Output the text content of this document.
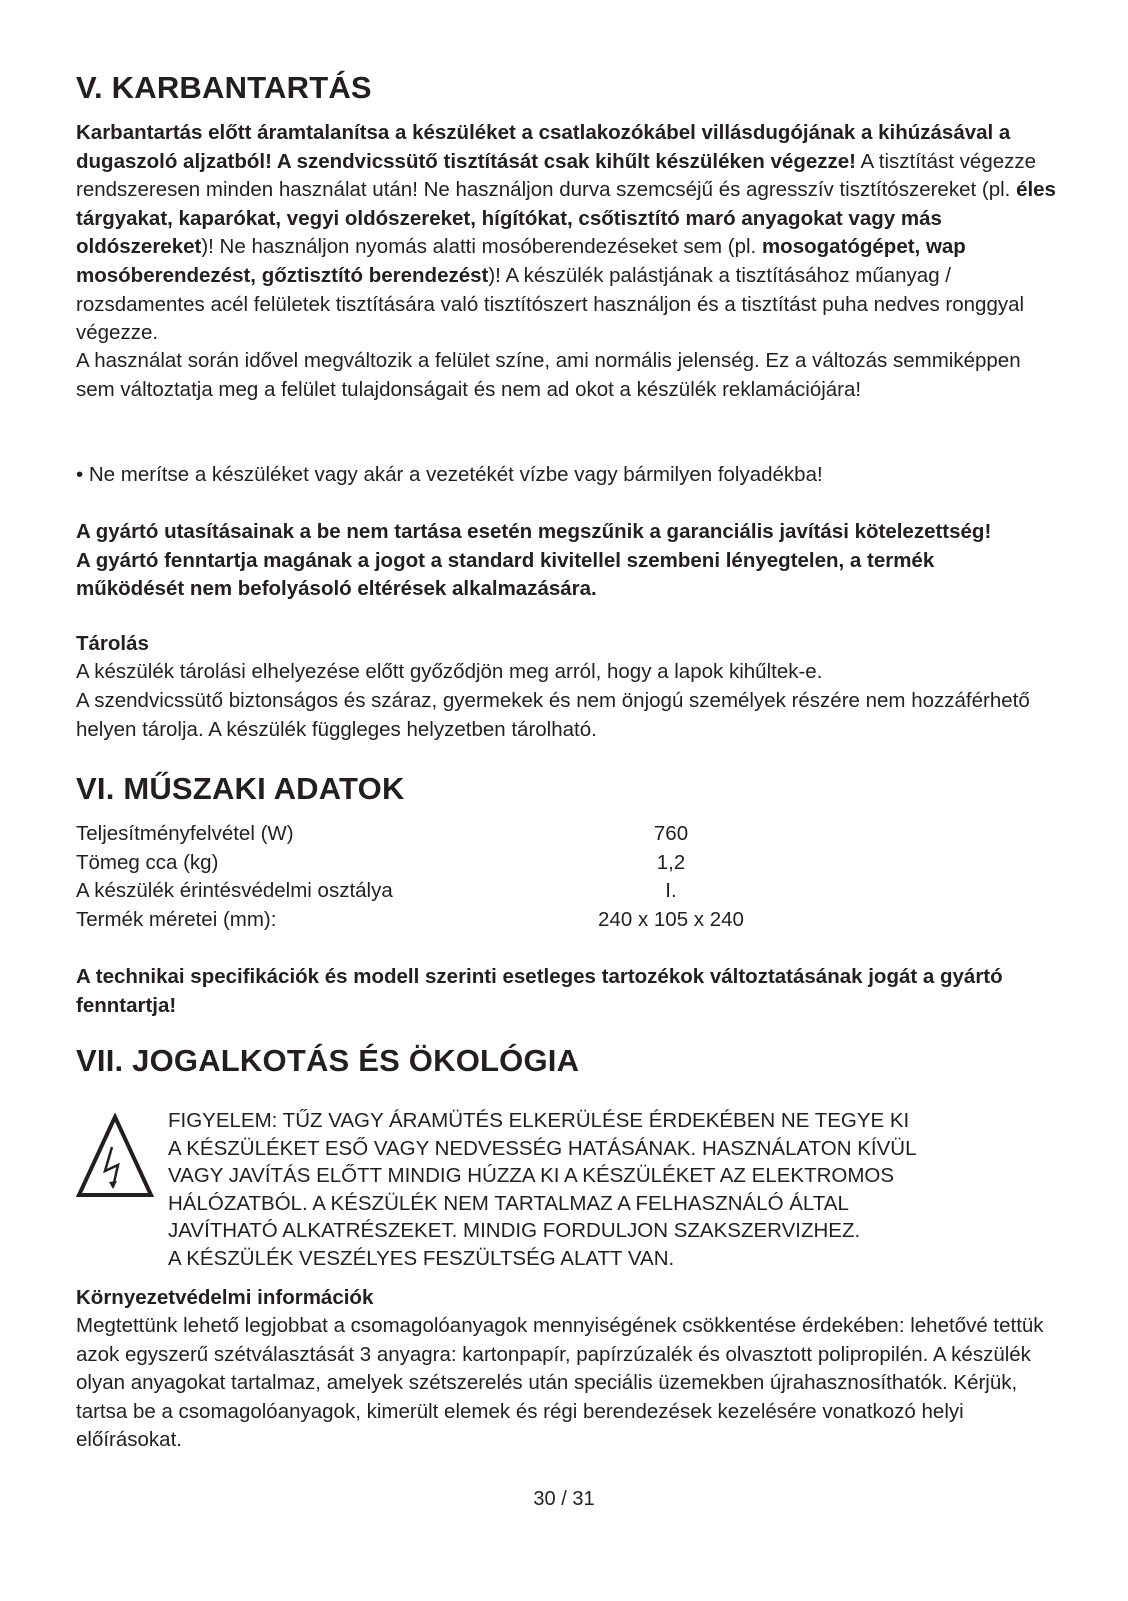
V. KARBANTARTÁS

Karbantartás előtt áramtalanítsa a készüléket a csatlakozókábel villásdugójának a kihúzásával a dugaszoló aljzatból! A szendvicssütő tisztítását csak kihűlt készüléken végezze! A tisztítást végezze rendszeresen minden használat után! Ne használjon durva szemcséjű és agresszív tisztítószereket (pl. éles tárgyakat, kaparókat, vegyi oldószereket, hígítókat, csőtisztító maró anyagokat vagy más oldószereket)! Ne használjon nyomás alatti mosóberendezéseket sem (pl. mosogatógépet, wap mosóberendezést, gőztisztító berendezést)! A készülék palástjának a tisztításához műanyag / rozsdamentes acél felületek tisztítására való tisztítószert használjon és a tisztítást puha nedves ronggyal végezze.

A használat során idővel megváltozik a felület színe, ami normális jelenség. Ez a változás semmiképpen sem változtatja meg a felület tulajdonságait és nem ad okot a készülék reklamációjára!

• Ne merítse a készüléket vagy akár a vezetékét vízbe vagy bármilyen folyadékba!

A gyártó utasításainak a be nem tartása esetén megszűnik a garanciális javítási kötelezettség! A gyártó fenntartja magának a jogot a standard kivitellel szembeni lényegtelen, a termék működését nem befolyásoló eltérések alkalmazására.

Tárolás

A készülék tárolási elhelyezése előtt győződjön meg arról, hogy a lapok kihűltek-e.

A szendvicssütő biztonságos és száraz, gyermekek és nem önjogú személyek részére nem hozzáférhető helyen tárolja. A készülék függleges helyzetben tárolható.

VI. MŰSZAKI ADATOK
Teljesítményfelvétel (W)	760
Tömeg cca (kg)	1,2
A készülék érintésvédelmi osztálya	I.
Termék méretei (mm):	240 x 105 x 240

A technikai specifikációk és modell szerinti esetleges tartozékok változtatásának jogát a gyártó fenntartja!

VII. JOGALKOTÁS ÉS ÖKOLÓGIA
FIGYELEM: TŰZ VAGY ÁRAMÜTÉS ELKERÜLÉSE ÉRDEKÉBEN NE TEGYE KI
A KÉSZÜLÉKET ESŐ VAGY NEDVESSÉG HATÁSÁNAK. HASZNÁLATON KÍVÜL
VAGY JAVÍTÁS ELŐTT MINDIG HÚZZA KI A KÉSZÜLÉKET AZ ELEKTROMOS
HÁLÓZATBÓL. A KÉSZÜLÉK NEM TARTALMAZ A FELHASZNÁLÓ ÁLTAL
JAVÍTHATÓ ALKATRÉSZEKET. MINDIG FORDULJON SZAKSZERVIZHEZ.
A KÉSZÜLÉK VESZÉLYES FESZÜLTSÉG ALATT VAN.

Környezetvédelmi információk

Megtettünk lehető legjobbat a csomagolóanyagok mennyiségének csökkentése érdekében: lehetővé tettük azok egyszerű szétválasztását 3 anyagra: kartonpapír, papírzúzalék és olvasztott polipropilén. A készülék olyan anyagokat tartalmaz, amelyek szétszerelés után speciális üzemekben újrahasznosíthatók. Kérjük, tartsa be a csomagolóanyagok, kimerült elemek és régi berendezések kezelésére vonatkozó helyi előírásokat.

30 / 31
